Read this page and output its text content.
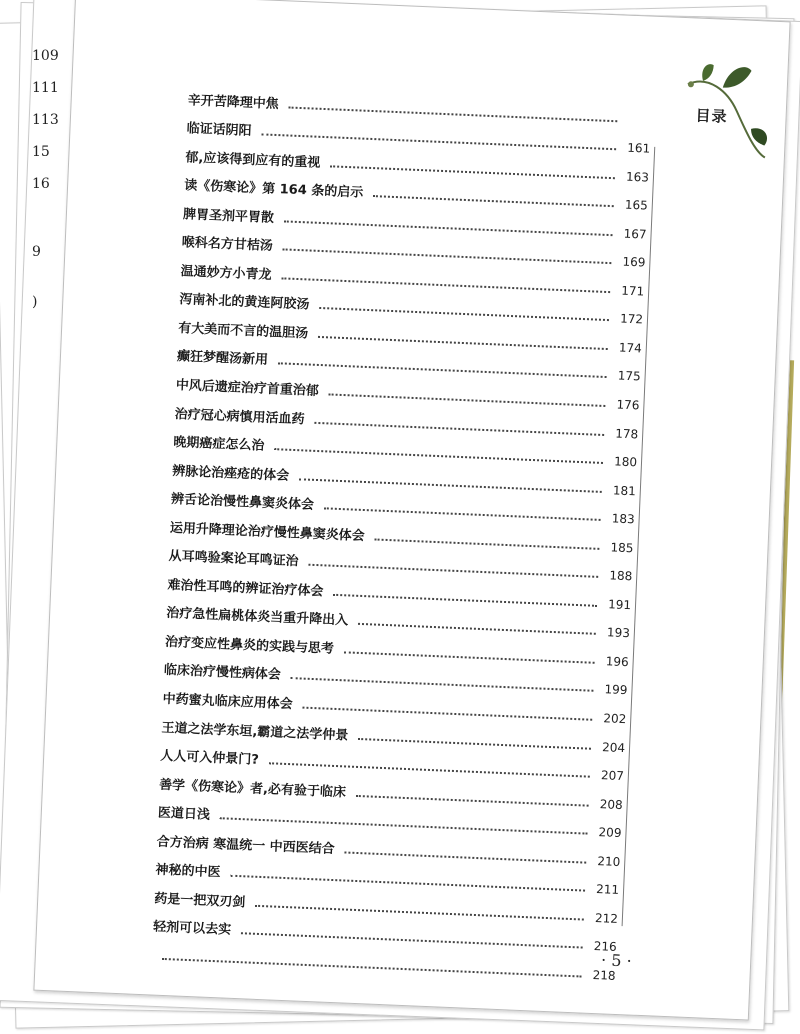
109
111
113
15
16
9
)
目录
辛开苦降理中焦
临证话阴阳
161
郁,应该得到应有的重视
163
读《伤寒论》第 164 条的启示
165
脾胃圣剂平胃散
167
喉科名方甘桔汤
169
温通妙方小青龙
171
泻南补北的黄连阿胶汤
172
有大美而不言的温胆汤
174
癫狂梦醒汤新用
175
中风后遗症治疗首重治郁
176
治疗冠心病慎用活血药
178
晚期癌症怎么治
180
辨脉论治痤疮的体会
181
辨舌论治慢性鼻窦炎体会
183
运用升降理论治疗慢性鼻窦炎体会
185
从耳鸣验案论耳鸣证治
188
难治性耳鸣的辨证治疗体会
191
治疗急性扁桃体炎当重升降出入
193
治疗变应性鼻炎的实践与思考
196
临床治疗慢性病体会
199
中药蜜丸临床应用体会
202
王道之法学东垣,霸道之法学仲景
204
人人可入仲景门?
207
善学《伤寒论》者,必有验于临床
208
医道日浅
209
合方治病 寒温统一 中西医结合
210
神秘的中医
211
药是一把双刃剑
212
轻剂可以去实
216
218
· 5 ·
